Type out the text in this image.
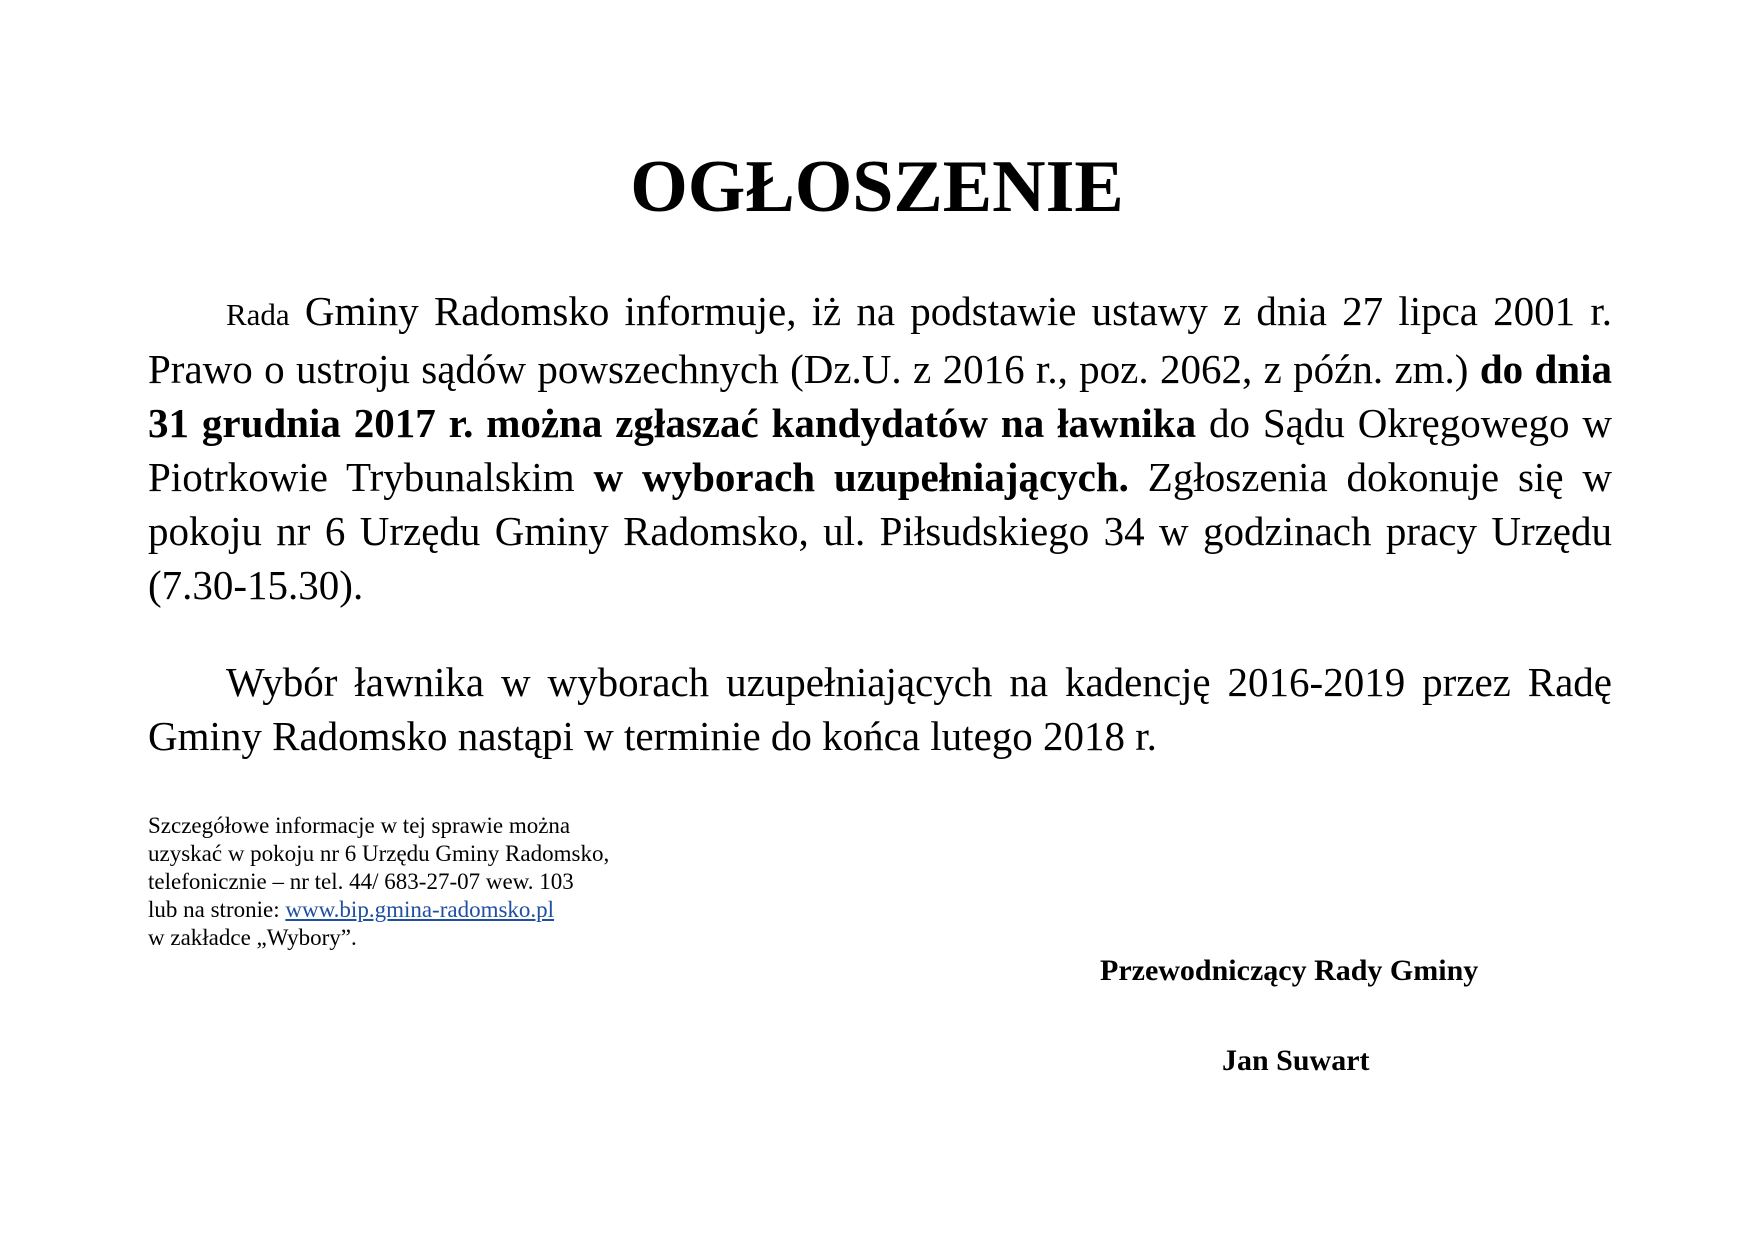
OGŁOSZENIE

Rada Gminy Radomsko informuje, iż na podstawie ustawy z dnia 27 lipca 2001 r. Prawo o ustroju sądów powszechnych (Dz.U. z 2016 r., poz. 2062, z późn. zm.) do dnia 31 grudnia 2017 r. można zgłaszać kandydatów na ławnika do Sądu Okręgowego w Piotrkowie Trybunalskim w wyborach uzupełniających. Zgłoszenia dokonuje się w pokoju nr 6 Urzędu Gminy Radomsko, ul. Piłsudskiego 34 w godzinach pracy Urzędu (7.30-15.30).

Wybór ławnika w wyborach uzupełniających na kadencję 2016-2019 przez Radę Gminy Radomsko nastąpi w terminie do końca lutego 2018 r.

Szczegółowe informacje w tej sprawie można
uzyskać w pokoju nr 6 Urzędu Gminy Radomsko,
telefonicznie – nr tel. 44/ 683-27-07 wew. 103
lub na stronie: www.bip.gmina-radomsko.pl
w zakładce „Wybory”.
Przewodniczący Rady Gminy
Jan Suwart
